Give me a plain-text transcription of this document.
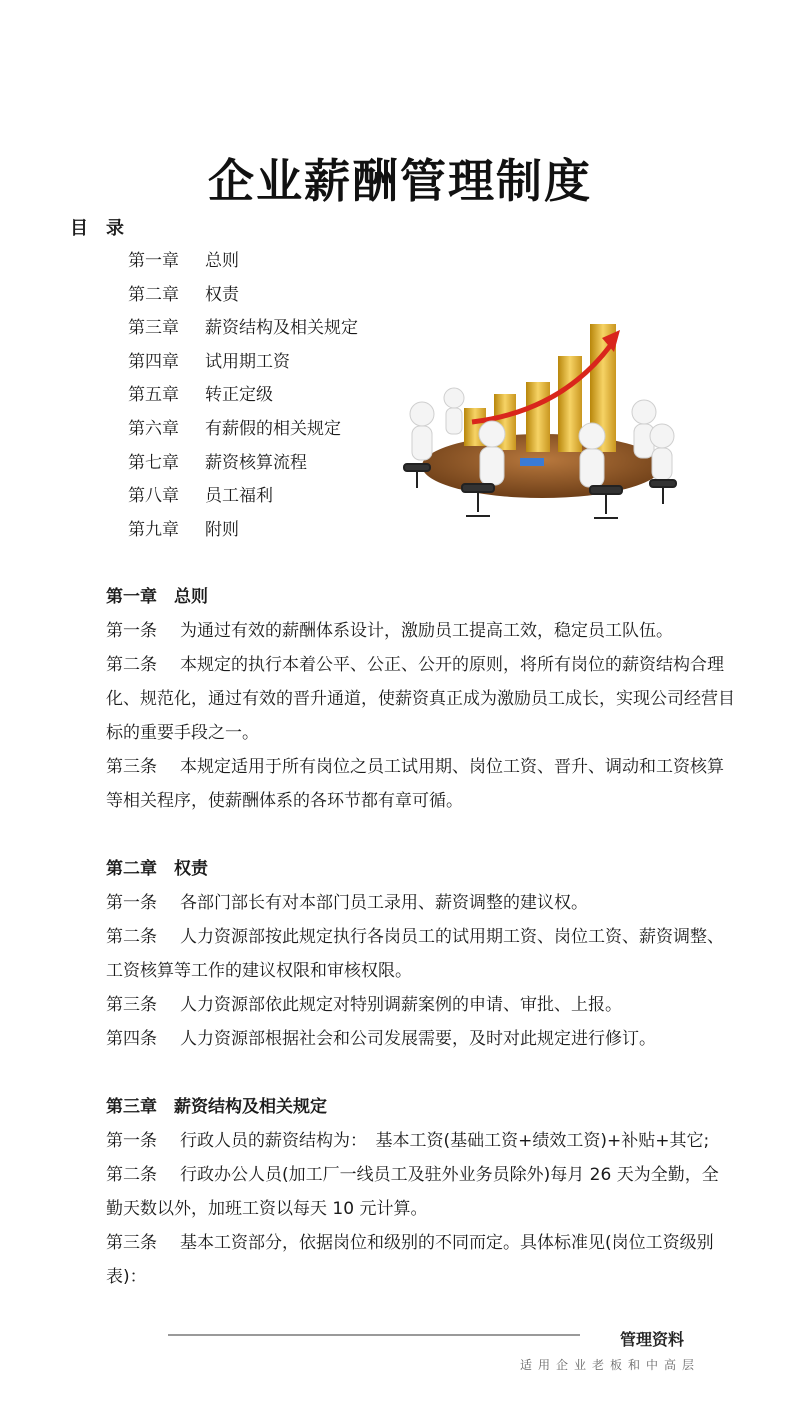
企业薪酬管理制度
目　录
第一章 总则
第二章 权责
第三章 薪资结构及相关规定
第四章 试用期工资
第五章 转正定级
第六章 有薪假的相关规定
第七章 薪资核算流程
第八章 员工福利
第九章 附则
第一章　总则

第一条 为通过有效的薪酬体系设计，激励员工提高工效，稳定员工队伍。

第二条 本规定的执行本着公平、公正、公开的原则，将所有岗位的薪资结构合理化、规范化，通过有效的晋升通道，使薪资真正成为激励员工成长，实现公司经营目标的重要手段之一。

第三条 本规定适用于所有岗位之员工试用期、岗位工资、晋升、调动和工资核算等相关程序，使薪酬体系的各环节都有章可循。

第二章　权责

第一条 各部门部长有对本部门员工录用、薪资调整的建议权。

第二条 人力资源部按此规定执行各岗员工的试用期工资、岗位工资、薪资调整、工资核算等工作的建议权限和审核权限。

第三条 人力资源部依此规定对特别调薪案例的申请、审批、上报。

第四条 人力资源部根据社会和公司发展需要，及时对此规定进行修订。

第三章　薪资结构及相关规定

第一条 行政人员的薪资结构为：　基本工资(基础工资+绩效工资)+补贴+其它;

第二条 行政办公人员(加工厂一线员工及驻外业务员除外)每月 26 天为全勤，全勤天数以外，加班工资以每天 10 元计算。

第三条 基本工资部分，依据岗位和级别的不同而定。具体标准见(岗位工资级别表)：

管理资料
适用企业老板和中高层
